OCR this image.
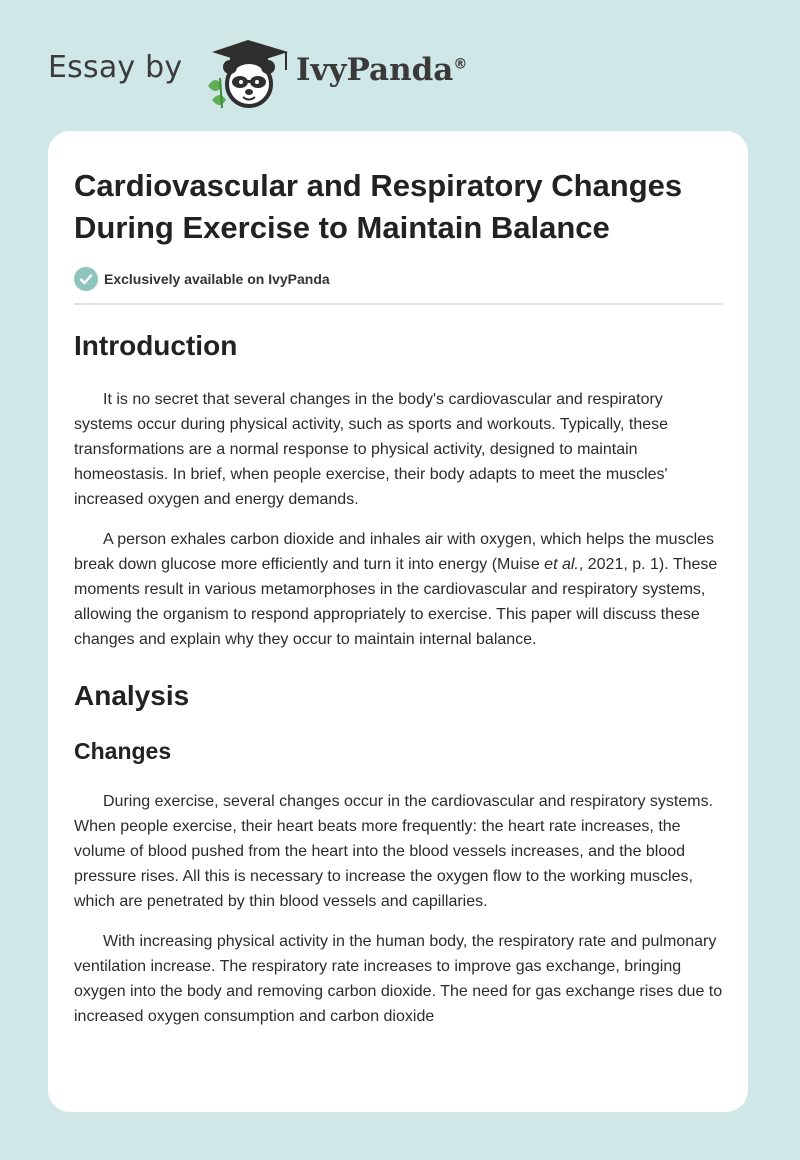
Essay by	IvyPanda®
Cardiovascular and Respiratory Changes During Exercise to Maintain Balance
Exclusively available on IvyPanda
Introduction

It is no secret that several changes in the body's cardiovascular and respiratory systems occur during physical activity, such as sports and workouts. Typically, these transformations are a normal response to physical activity, designed to maintain homeostasis. In brief, when people exercise, their body adapts to meet the muscles' increased oxygen and energy demands.

A person exhales carbon dioxide and inhales air with oxygen, which helps the muscles break down glucose more efficiently and turn it into energy (Muise et al., 2021, p. 1). These moments result in various metamorphoses in the cardiovascular and respiratory systems, allowing the organism to respond appropriately to exercise. This paper will discuss these changes and explain why they occur to maintain internal balance.

Analysis
Changes

During exercise, several changes occur in the cardiovascular and respiratory systems. When people exercise, their heart beats more frequently: the heart rate increases, the volume of blood pushed from the heart into the blood vessels increases, and the blood pressure rises. All this is necessary to increase the oxygen flow to the working muscles, which are penetrated by thin blood vessels and capillaries.

With increasing physical activity in the human body, the respiratory rate and pulmonary ventilation increase. The respiratory rate increases to improve gas exchange, bringing oxygen into the body and removing carbon dioxide. The need for gas exchange rises due to increased oxygen consumption and carbon dioxide
